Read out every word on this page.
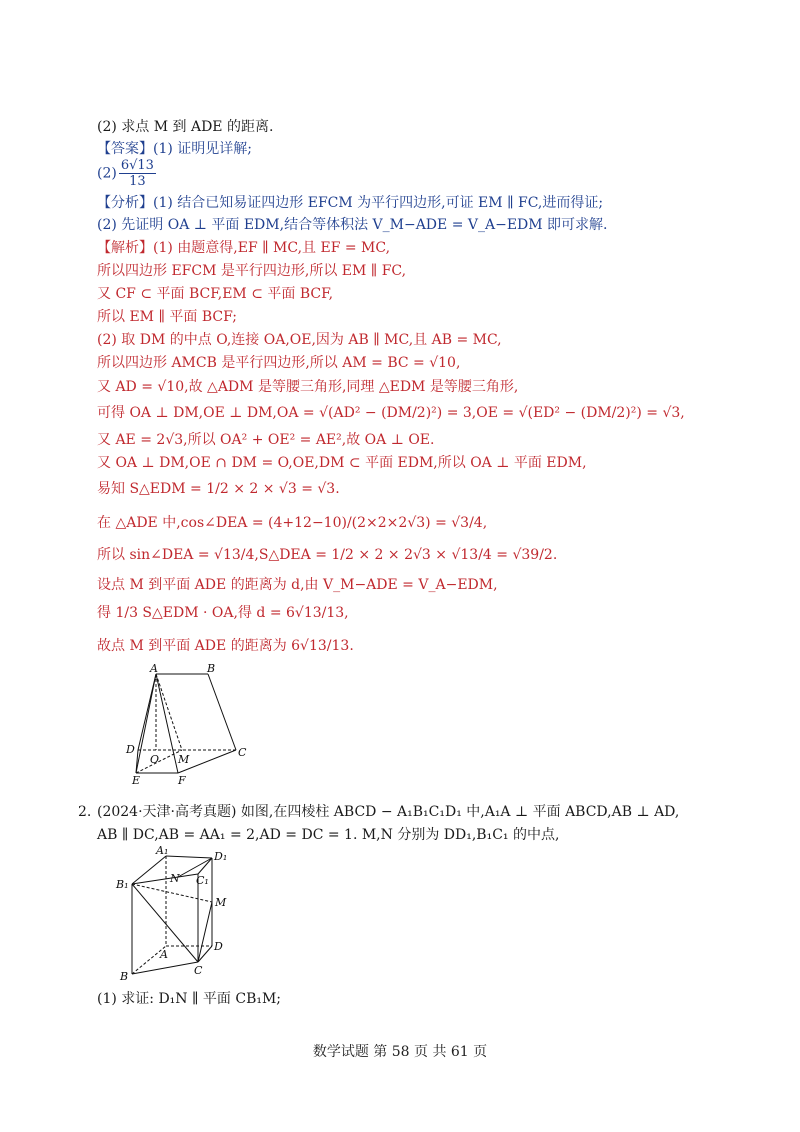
(2) 求点 M 到 ADE 的距离.
【答案】(1) 证明见详解;
$(2) \frac{6√13}{13}$
【分析】(1) 结合已知易证四边形 EFCM 为平行四边形,可证 EM ∥ FC,进而得证;
(2) 先证明 OA ⊥ 平面 EDM,结合等体积法 V_M−ADE = V_A−EDM 即可求解.
【解析】(1) 由题意得,EF ∥ MC,且 EF = MC,
所以四边形 EFCM 是平行四边形,所以 EM ∥ FC,
又 CF ⊂ 平面 BCF,EM ⊂ 平面 BCF,
所以 EM ∥ 平面 BCF;
(2) 取 DM 的中点 O,连接 OA,OE,因为 AB ∥ MC,且 AB = MC,
所以四边形 AMCB 是平行四边形,所以 AM = BC = √10,
又 AD = √10,故 △ADM 是等腰三角形,同理 △EDM 是等腰三角形,
可得 OA ⊥ DM,OE ⊥ DM,OA = √(AD² − (DM/2)²) = 3,OE = √(ED² − (DM/2)²) = √3,
又 AE = 2√3,所以 OA² + OE² = AE²,故 OA ⊥ OE.
又 OA ⊥ DM,OE ∩ DM = O,OE,DM ⊂ 平面 EDM,所以 OA ⊥ 平面 EDM,
易知 S△EDM = 1/2 × 2 × √3 = √3.
在 △ADE 中,cos∠DEA = (4+12−10)/(2×2×2√3) = √3/4,
所以 sin∠DEA = √13/4,S△DEA = 1/2 × 2 × 2√3 × √13/4 = √39/2.
设点 M 到平面 ADE 的距离为 d,由 V_M−ADE = V_A−EDM,
得 1/3 S△EDM · OA,得 d = 6√13/13,
故点 M 到平面 ADE 的距离为 6√13/13.
A	B
D
O M
C
E	F
2. (2024·天津·高考真题) 如图,在四棱柱 ABCD − A₁B₁C₁D₁ 中,A₁A ⊥ 平面 ABCD,AB ⊥ AD,
AB ∥ DC,AB = AA₁ = 2,AD = DC = 1. M,N 分别为 DD₁,B₁C₁ 的中点,
A₁	D₁
B₁	N C₁
M
A
D
B	C
(1) 求证: D₁N ∥ 平面 CB₁M;
数学试题 第 58 页 共 61 页
